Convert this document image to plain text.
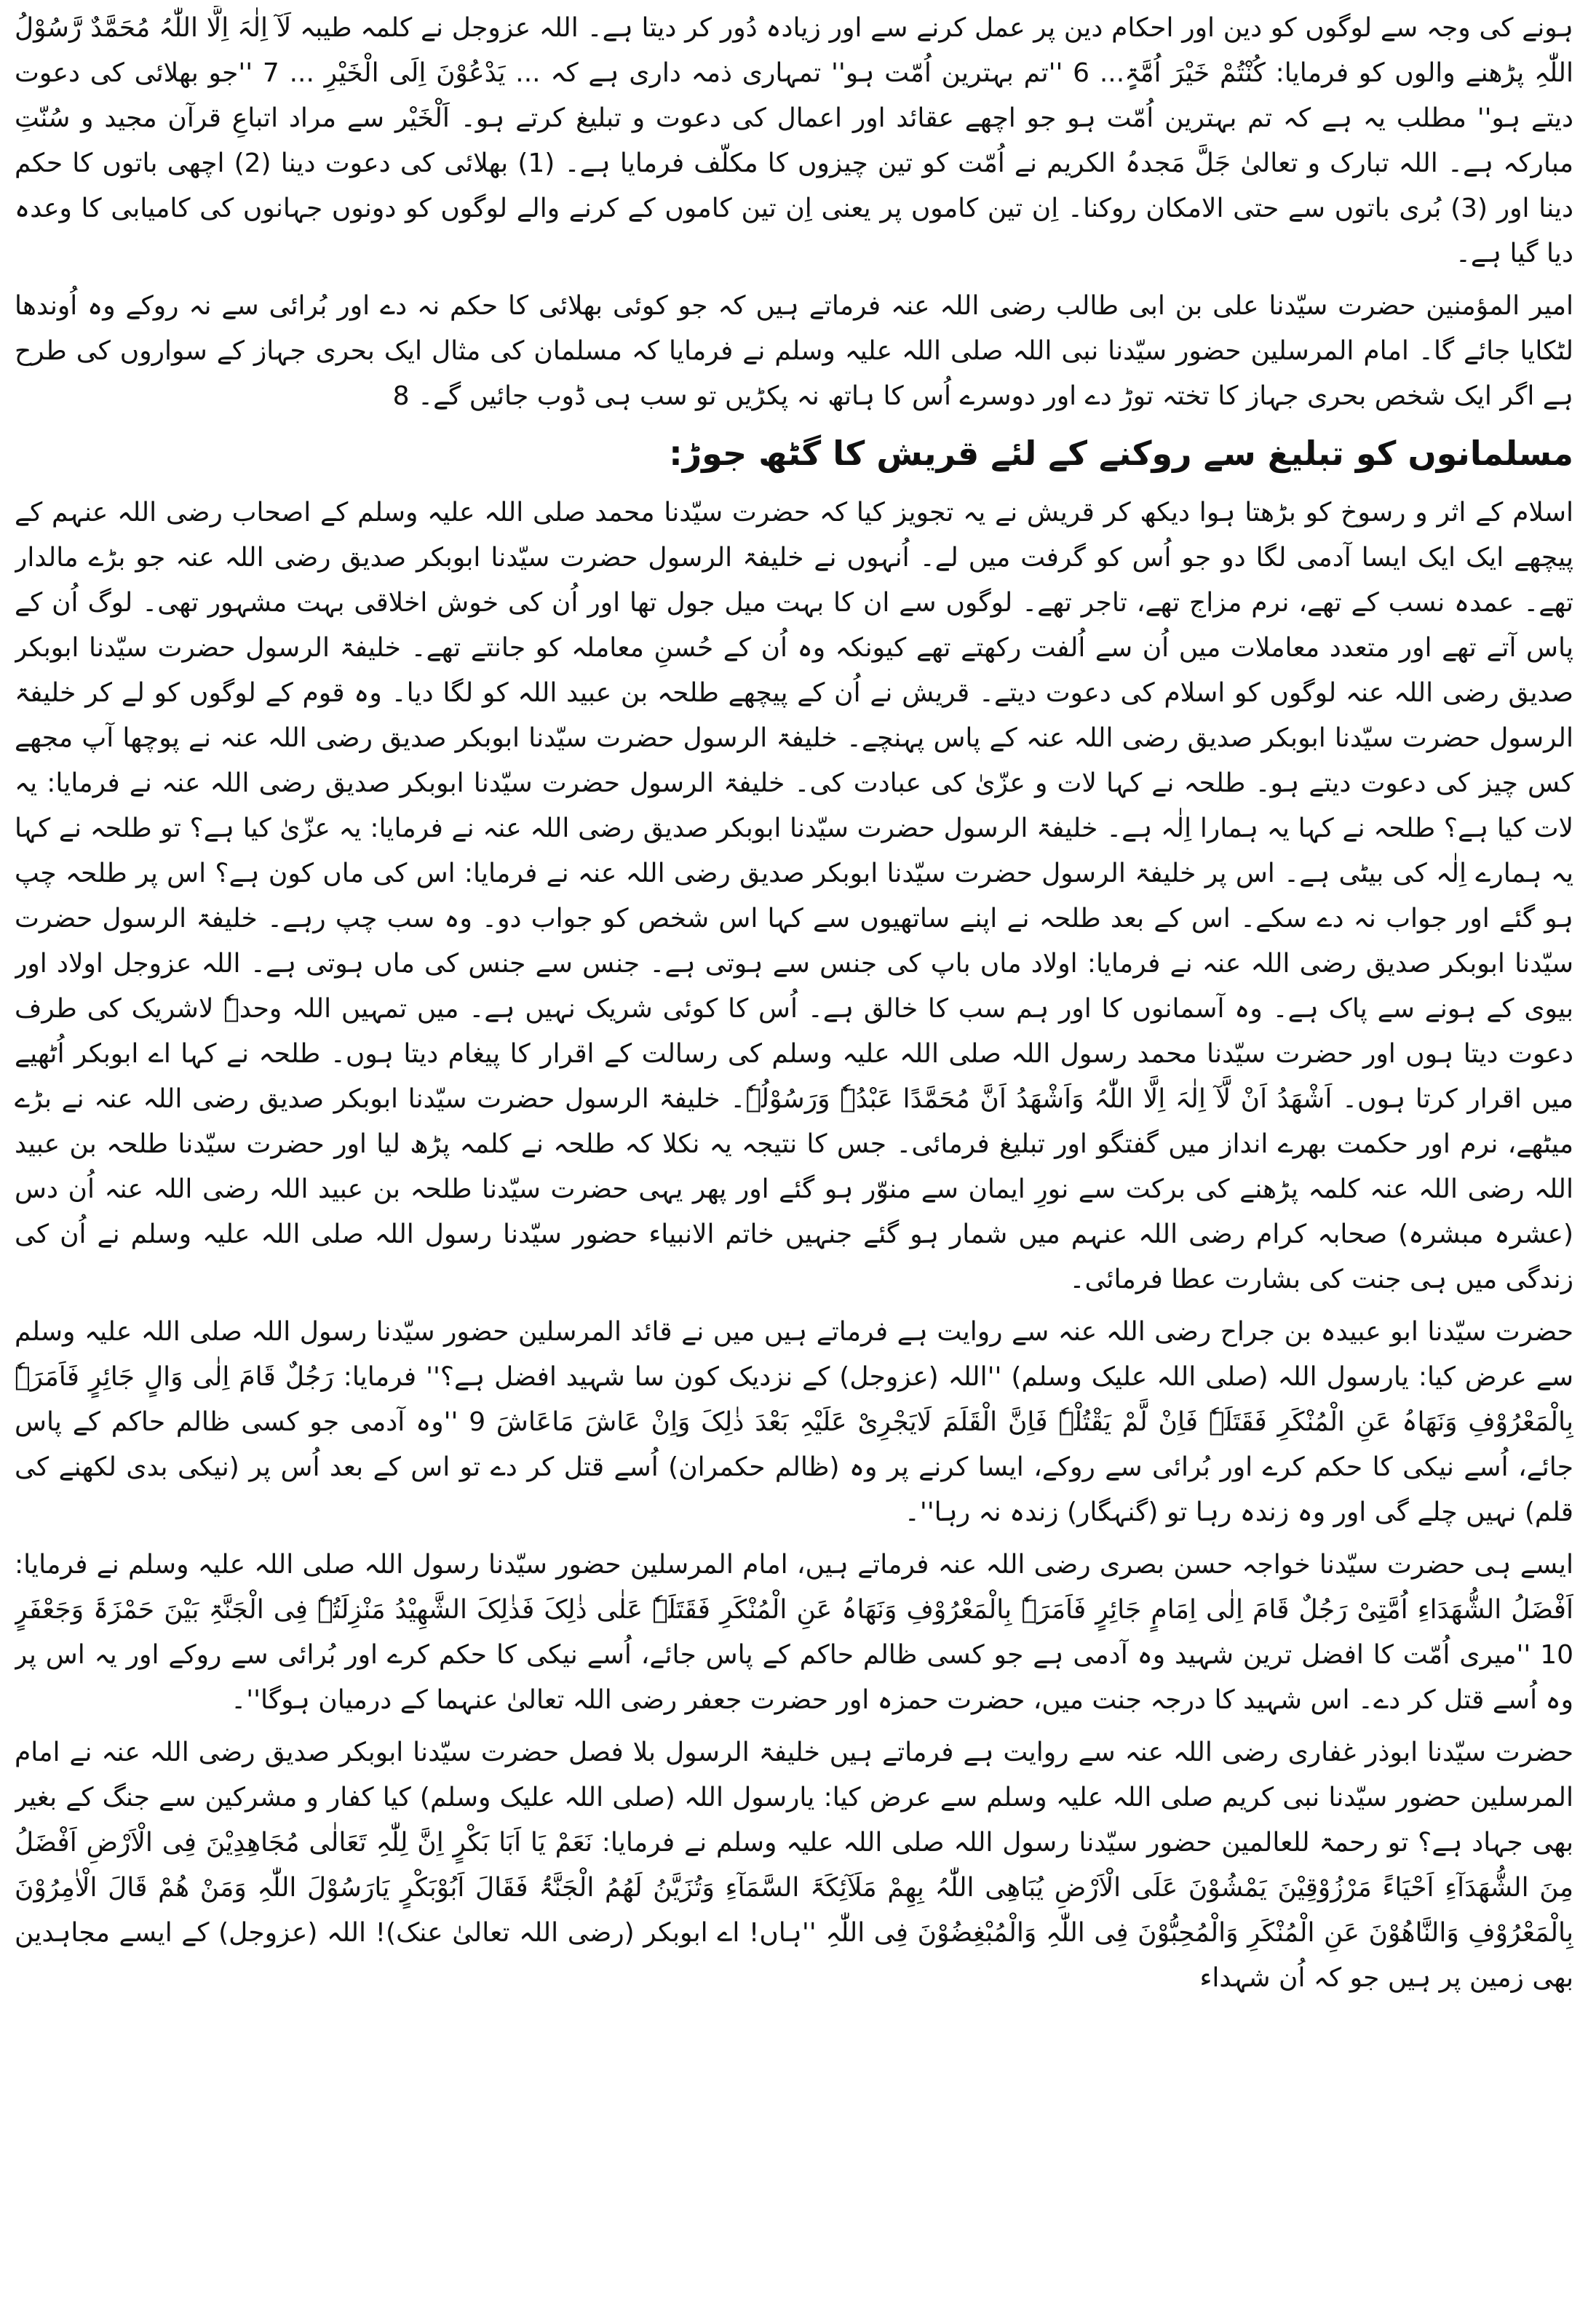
ہونے کی وجہ سے لوگوں کو دین اور احکام دین پر عمل کرنے سے اور زیادہ دُور کر دیتا ہے۔ اللہ عزوجل نے کلمہ طیبہ لَآ اِلٰہَ اِلَّا اللّٰہُ مُحَمَّدٌ رَّسُوْلُ اللّٰہِ پڑھنے والوں کو فرمایا: کُنْتُمْ خَیْرَ اُمَّۃٍ... 6 ''تم بہترین اُمّت ہو'' تمہاری ذمہ داری ہے کہ ... یَدْعُوْنَ اِلَی الْخَیْرِ ... 7 ''جو بھلائی کی دعوت دیتے ہو'' مطلب یہ ہے کہ تم بہترین اُمّت ہو جو اچھے عقائد اور اعمال کی دعوت و تبلیغ کرتے ہو۔ اَلْخَیْر سے مراد اتباعِ قرآن مجید و سُنّتِ مبارکہ ہے۔ اللہ تبارک و تعالیٰ جَلَّ مَجدہُ الکریم نے اُمّت کو تین چیزوں کا مکلّف فرمایا ہے۔ (1) بھلائی کی دعوت دینا (2) اچھی باتوں کا حکم دینا اور (3) بُری باتوں سے حتی الامکان روکنا۔ اِن تین کاموں پر یعنی اِن تین کاموں کے کرنے والے لوگوں کو دونوں جہانوں کی کامیابی کا وعدہ دیا گیا ہے۔

امیر المؤمنین حضرت سیّدنا علی بن ابی طالب رضی اللہ عنہ فرماتے ہیں کہ جو کوئی بھلائی کا حکم نہ دے اور بُرائی سے نہ روکے وہ اُوندھا لٹکایا جائے گا۔ امام المرسلین حضور سیّدنا نبی اللہ صلی اللہ علیہ وسلم نے فرمایا کہ مسلمان کی مثال ایک بحری جہاز کے سواروں کی طرح ہے اگر ایک شخص بحری جہاز کا تختہ توڑ دے اور دوسرے اُس کا ہاتھ نہ پکڑیں تو سب ہی ڈوب جائیں گے۔ 8

مسلمانوں کو تبلیغ سے روکنے کے لئے قریش کا گٹھ جوڑ:

اسلام کے اثر و رسوخ کو بڑھتا ہوا دیکھ کر قریش نے یہ تجویز کیا کہ حضرت سیّدنا محمد صلی اللہ علیہ وسلم کے اصحاب رضی اللہ عنہم کے پیچھے ایک ایک ایسا آدمی لگا دو جو اُس کو گرفت میں لے۔ اُنہوں نے خلیفۃ الرسول حضرت سیّدنا ابوبکر صدیق رضی اللہ عنہ جو بڑے مالدار تھے۔ عمدہ نسب کے تھے، نرم مزاج تھے، تاجر تھے۔ لوگوں سے ان کا بہت میل جول تھا اور اُن کی خوش اخلاقی بہت مشہور تھی۔ لوگ اُن کے پاس آتے تھے اور متعدد معاملات میں اُن سے اُلفت رکھتے تھے کیونکہ وہ اُن کے حُسنِ معاملہ کو جانتے تھے۔ خلیفۃ الرسول حضرت سیّدنا ابوبکر صدیق رضی اللہ عنہ لوگوں کو اسلام کی دعوت دیتے۔ قریش نے اُن کے پیچھے طلحہ بن عبید اللہ کو لگا دیا۔ وہ قوم کے لوگوں کو لے کر خلیفۃ الرسول حضرت سیّدنا ابوبکر صدیق رضی اللہ عنہ کے پاس پہنچے۔ خلیفۃ الرسول حضرت سیّدنا ابوبکر صدیق رضی اللہ عنہ نے پوچھا آپ مجھے کس چیز کی دعوت دیتے ہو۔ طلحہ نے کہا لات و عزّیٰ کی عبادت کی۔ خلیفۃ الرسول حضرت سیّدنا ابوبکر صدیق رضی اللہ عنہ نے فرمایا: یہ لات کیا ہے؟ طلحہ نے کہا یہ ہمارا اِلٰہ ہے۔ خلیفۃ الرسول حضرت سیّدنا ابوبکر صدیق رضی اللہ عنہ نے فرمایا: یہ عزّیٰ کیا ہے؟ تو طلحہ نے کہا یہ ہمارے اِلٰہ کی بیٹی ہے۔ اس پر خلیفۃ الرسول حضرت سیّدنا ابوبکر صدیق رضی اللہ عنہ نے فرمایا: اس کی ماں کون ہے؟ اس پر طلحہ چپ ہو گئے اور جواب نہ دے سکے۔ اس کے بعد طلحہ نے اپنے ساتھیوں سے کہا اس شخص کو جواب دو۔ وہ سب چپ رہے۔ خلیفۃ الرسول حضرت سیّدنا ابوبکر صدیق رضی اللہ عنہ نے فرمایا: اولاد ماں باپ کی جنس سے ہوتی ہے۔ جنس سے جنس کی ماں ہوتی ہے۔ اللہ عزوجل اولاد اور بیوی کے ہونے سے پاک ہے۔ وہ آسمانوں کا اور ہم سب کا خالق ہے۔ اُس کا کوئی شریک نہیں ہے۔ میں تمہیں اللہ وحدہٗ لاشریک کی طرف دعوت دیتا ہوں اور حضرت سیّدنا محمد رسول اللہ صلی اللہ علیہ وسلم کی رسالت کے اقرار کا پیغام دیتا ہوں۔ طلحہ نے کہا اے ابوبکر اُٹھیے میں اقرار کرتا ہوں۔ اَشْھَدُ اَنْ لَّآ اِلٰہَ اِلَّا اللّٰہُ وَاَشْھَدُ اَنَّ مُحَمَّدًا عَبْدُہٗ وَرَسُوْلُہٗ۔ خلیفۃ الرسول حضرت سیّدنا ابوبکر صدیق رضی اللہ عنہ نے بڑے میٹھے، نرم اور حکمت بھرے انداز میں گفتگو اور تبلیغ فرمائی۔ جس کا نتیجہ یہ نکلا کہ طلحہ نے کلمہ پڑھ لیا اور حضرت سیّدنا طلحہ بن عبید اللہ رضی اللہ عنہ کلمہ پڑھنے کی برکت سے نورِ ایمان سے منوّر ہو گئے اور پھر یہی حضرت سیّدنا طلحہ بن عبید اللہ رضی اللہ عنہ اُن دس (عشرہ مبشرہ) صحابہ کرام رضی اللہ عنہم میں شمار ہو گئے جنہیں خاتم الانبیاء حضور سیّدنا رسول اللہ صلی اللہ علیہ وسلم نے اُن کی زندگی میں ہی جنت کی بشارت عطا فرمائی۔

حضرت سیّدنا ابو عبیدہ بن جراح رضی اللہ عنہ سے روایت ہے فرماتے ہیں میں نے قائد المرسلین حضور سیّدنا رسول اللہ صلی اللہ علیہ وسلم سے عرض کیا: یارسول اللہ (صلی اللہ علیک وسلم) ''اللہ (عزوجل) کے نزدیک کون سا شہید افضل ہے؟'' فرمایا: رَجُلٌ قَامَ اِلٰی وَالٍ جَائِرٍ فَاَمَرَہٗ بِالْمَعْرُوْفِ وَنَھَاہُ عَنِ الْمُنْکَرِ فَقَتَلَہٗ فَاِنْ لَّمْ یَقْتُلْہٗ فَاِنَّ الْقَلَمَ لَایَجْرِیْ عَلَیْہِ بَعْدَ ذٰلِکَ وَاِنْ عَاشَ مَاعَاشَ 9 ''وہ آدمی جو کسی ظالم حاکم کے پاس جائے، اُسے نیکی کا حکم کرے اور بُرائی سے روکے، ایسا کرنے پر وہ (ظالم حکمران) اُسے قتل کر دے تو اس کے بعد اُس پر (نیکی بدی لکھنے کی قلم) نہیں چلے گی اور وہ زندہ رہا تو (گنہگار) زندہ نہ رہا''۔

ایسے ہی حضرت سیّدنا خواجہ حسن بصری رضی اللہ عنہ فرماتے ہیں، امام المرسلین حضور سیّدنا رسول اللہ صلی اللہ علیہ وسلم نے فرمایا: اَفْضَلُ الشُّھَدَاءِ اُمَّتِیْ رَجُلٌ قَامَ اِلٰی اِمَامٍ جَائِرٍ فَاَمَرَہٗ بِالْمَعْرُوْفِ وَنَھَاہُ عَنِ الْمُنْکَرِ فَقَتَلَہٗ عَلٰی ذٰلِکَ فَذٰلِکَ الشَّھِیْدُ مَنْزِلَتُہٗ فِی الْجَنَّۃِ بَیْنَ حَمْزَۃَ وَجَعْفَرٍ 10 ''میری اُمّت کا افضل ترین شہید وہ آدمی ہے جو کسی ظالم حاکم کے پاس جائے، اُسے نیکی کا حکم کرے اور بُرائی سے روکے اور یہ اس پر وہ اُسے قتل کر دے۔ اس شہید کا درجہ جنت میں، حضرت حمزہ اور حضرت جعفر رضی اللہ تعالیٰ عنہما کے درمیان ہوگا''۔

حضرت سیّدنا ابوذر غفاری رضی اللہ عنہ سے روایت ہے فرماتے ہیں خلیفۃ الرسول بلا فصل حضرت سیّدنا ابوبکر صدیق رضی اللہ عنہ نے امام المرسلین حضور سیّدنا نبی کریم صلی اللہ علیہ وسلم سے عرض کیا: یارسول اللہ (صلی اللہ علیک وسلم) کیا کفار و مشرکین سے جنگ کے بغیر بھی جہاد ہے؟ تو رحمۃ للعالمین حضور سیّدنا رسول اللہ صلی اللہ علیہ وسلم نے فرمایا: نَعَمْ یَا اَبَا بَکْرٍ اِنَّ لِلّٰہِ تَعَالٰی مُجَاھِدِیْنَ فِی الْاَرْضِ اَفْضَلُ مِنَ الشُّھَدَآءِ اَحْیَاءً مَرْزُوْقِیْنَ یَمْشُوْنَ عَلَی الْاَرْضِ یُبَاھِی اللّٰہُ بِھِمْ مَلَآئِکَۃَ السَّمَآءِ وَتُزَیَّنُ لَھُمُ الْجَنَّۃُ فَقَالَ اَبُوْبَکْرٍ یَارَسُوْلَ اللّٰہِ وَمَنْ ھُمْ قَالَ الْاٰمِرُوْنَ بِالْمَعْرُوْفِ وَالنَّاھُوْنَ عَنِ الْمُنْکَرِ وَالْمُحِبُّوْنَ فِی اللّٰہِ وَالْمُبْغِضُوْنَ فِی اللّٰہِ ''ہاں! اے ابوبکر (رضی اللہ تعالیٰ عنک)! اللہ (عزوجل) کے ایسے مجاہدین بھی زمین پر ہیں جو کہ اُن شہداء
